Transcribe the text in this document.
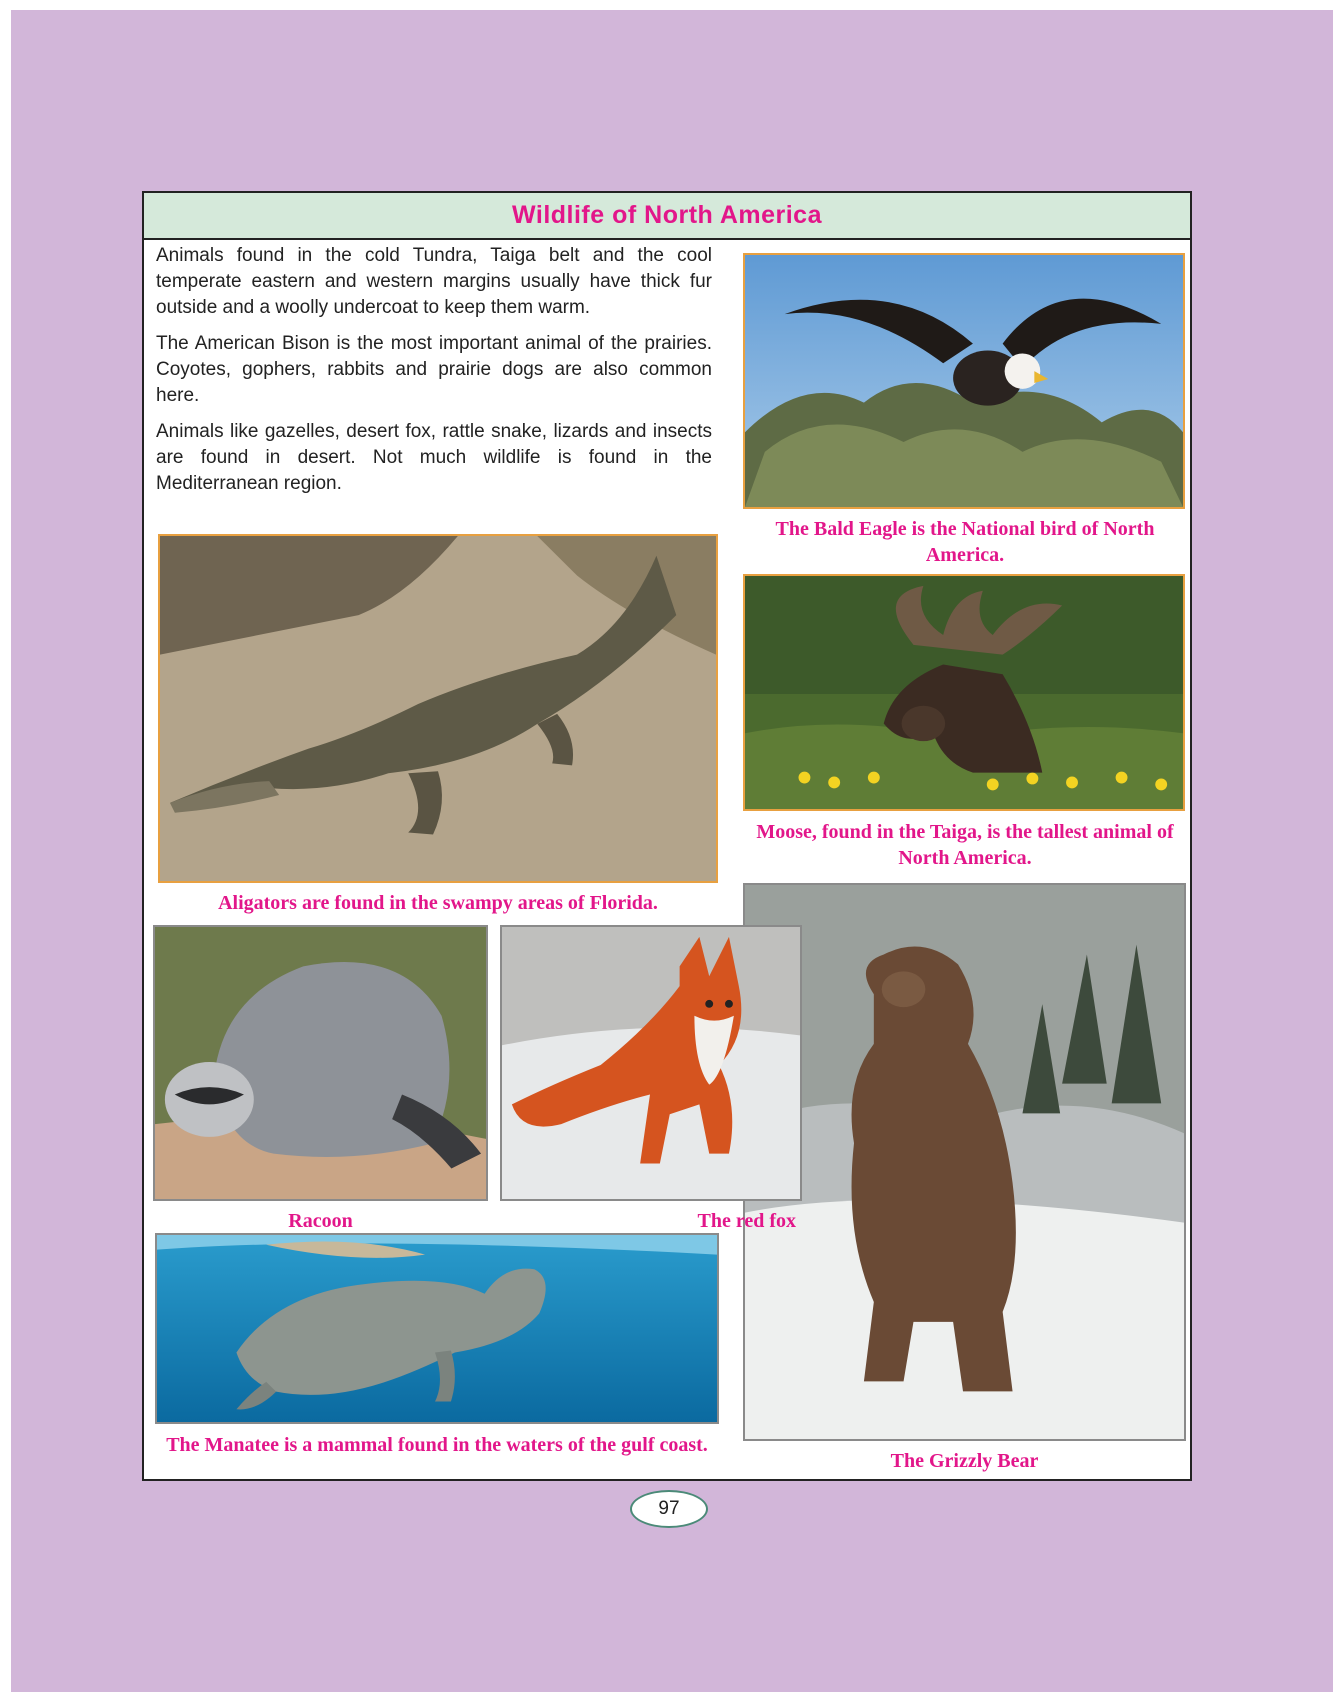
Wildlife of North America

Animals found in the cold Tundra, Taiga belt and the cool temperate eastern and western margins usually have thick fur outside and a woolly undercoat to keep them warm.

The American Bison is the most important animal of the prairies. Coyotes, gophers, rabbits and prairie dogs are also common here.

Animals like gazelles, desert fox, rattle snake, lizards and insects are found in desert. Not much wildlife is found in the Mediterranean region.

The Bald Eagle is the National bird of North America.
Moose, found in the Taiga, is the tallest animal of North America.
Aligators are found in the swampy areas of Florida.
The Grizzly Bear
Racoon	The red fox
The Manatee is a mammal found in the waters of the gulf coast.
97
